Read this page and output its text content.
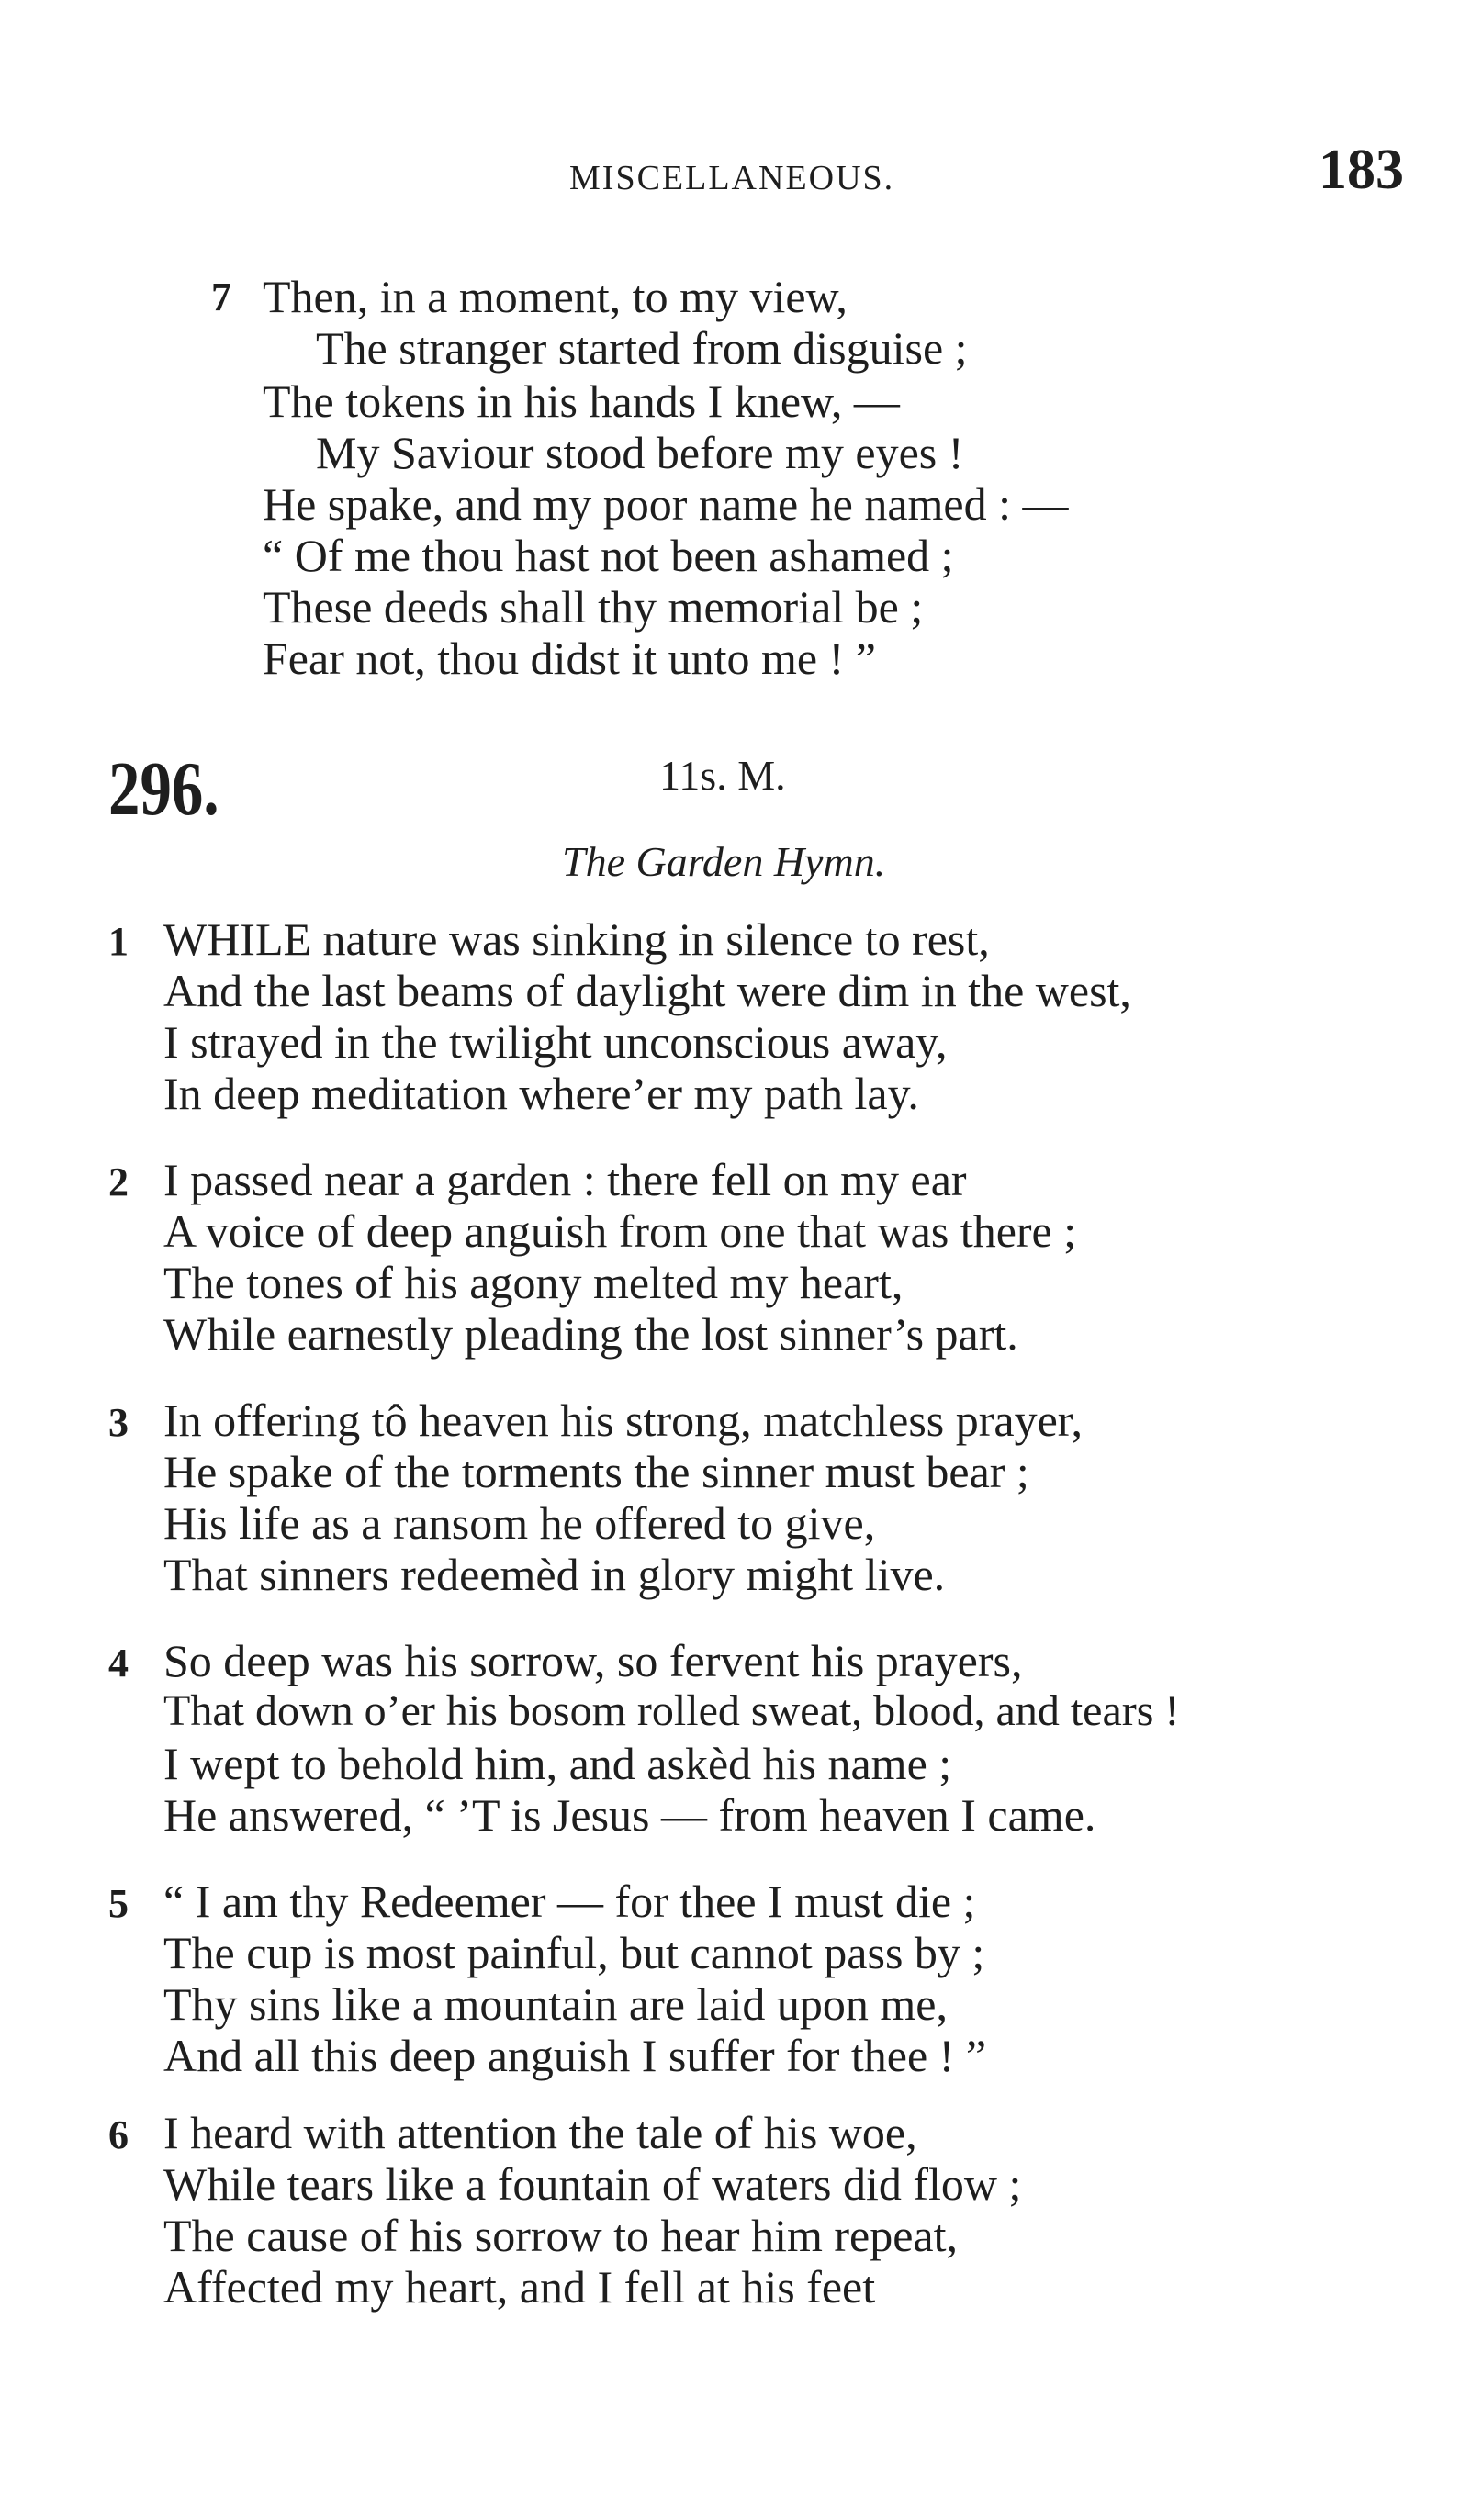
MISCELLANEOUS.	183
7 Then, in a moment, to my view,
The stranger started from disguise ;
The tokens in his hands I knew, —
My Saviour stood before my eyes !
He spake, and my poor name he named : —
“ Of me thou hast not been ashamed ;
These deeds shall thy memorial be ;
Fear not, thou didst it unto me ! ”
296.	11s. M.
The Garden Hymn.
1 WHILE nature was sinking in silence to rest,
And the last beams of daylight were dim in the west,
I strayed in the twilight unconscious away,
In deep meditation where’er my path lay.
2 I passed near a garden : there fell on my ear
A voice of deep anguish from one that was there ;
The tones of his agony melted my heart,
While earnestly pleading the lost sinner’s part.
3 In offering tô heaven his strong, matchless prayer,
He spake of the torments the sinner must bear ;
His life as a ransom he offered to give,
That sinners redeemèd in glory might live.
4 So deep was his sorrow, so fervent his prayers,
That down o’er his bosom rolled sweat, blood, and tears !
I wept to behold him, and askèd his name ;
He answered, “ ’T is Jesus — from heaven I came.
5 “ I am thy Redeemer — for thee I must die ;
The cup is most painful, but cannot pass by ;
Thy sins like a mountain are laid upon me,
And all this deep anguish I suffer for thee ! ”
6 I heard with attention the tale of his woe,
While tears like a fountain of waters did flow ;
The cause of his sorrow to hear him repeat,
Affected my heart, and I fell at his feet
